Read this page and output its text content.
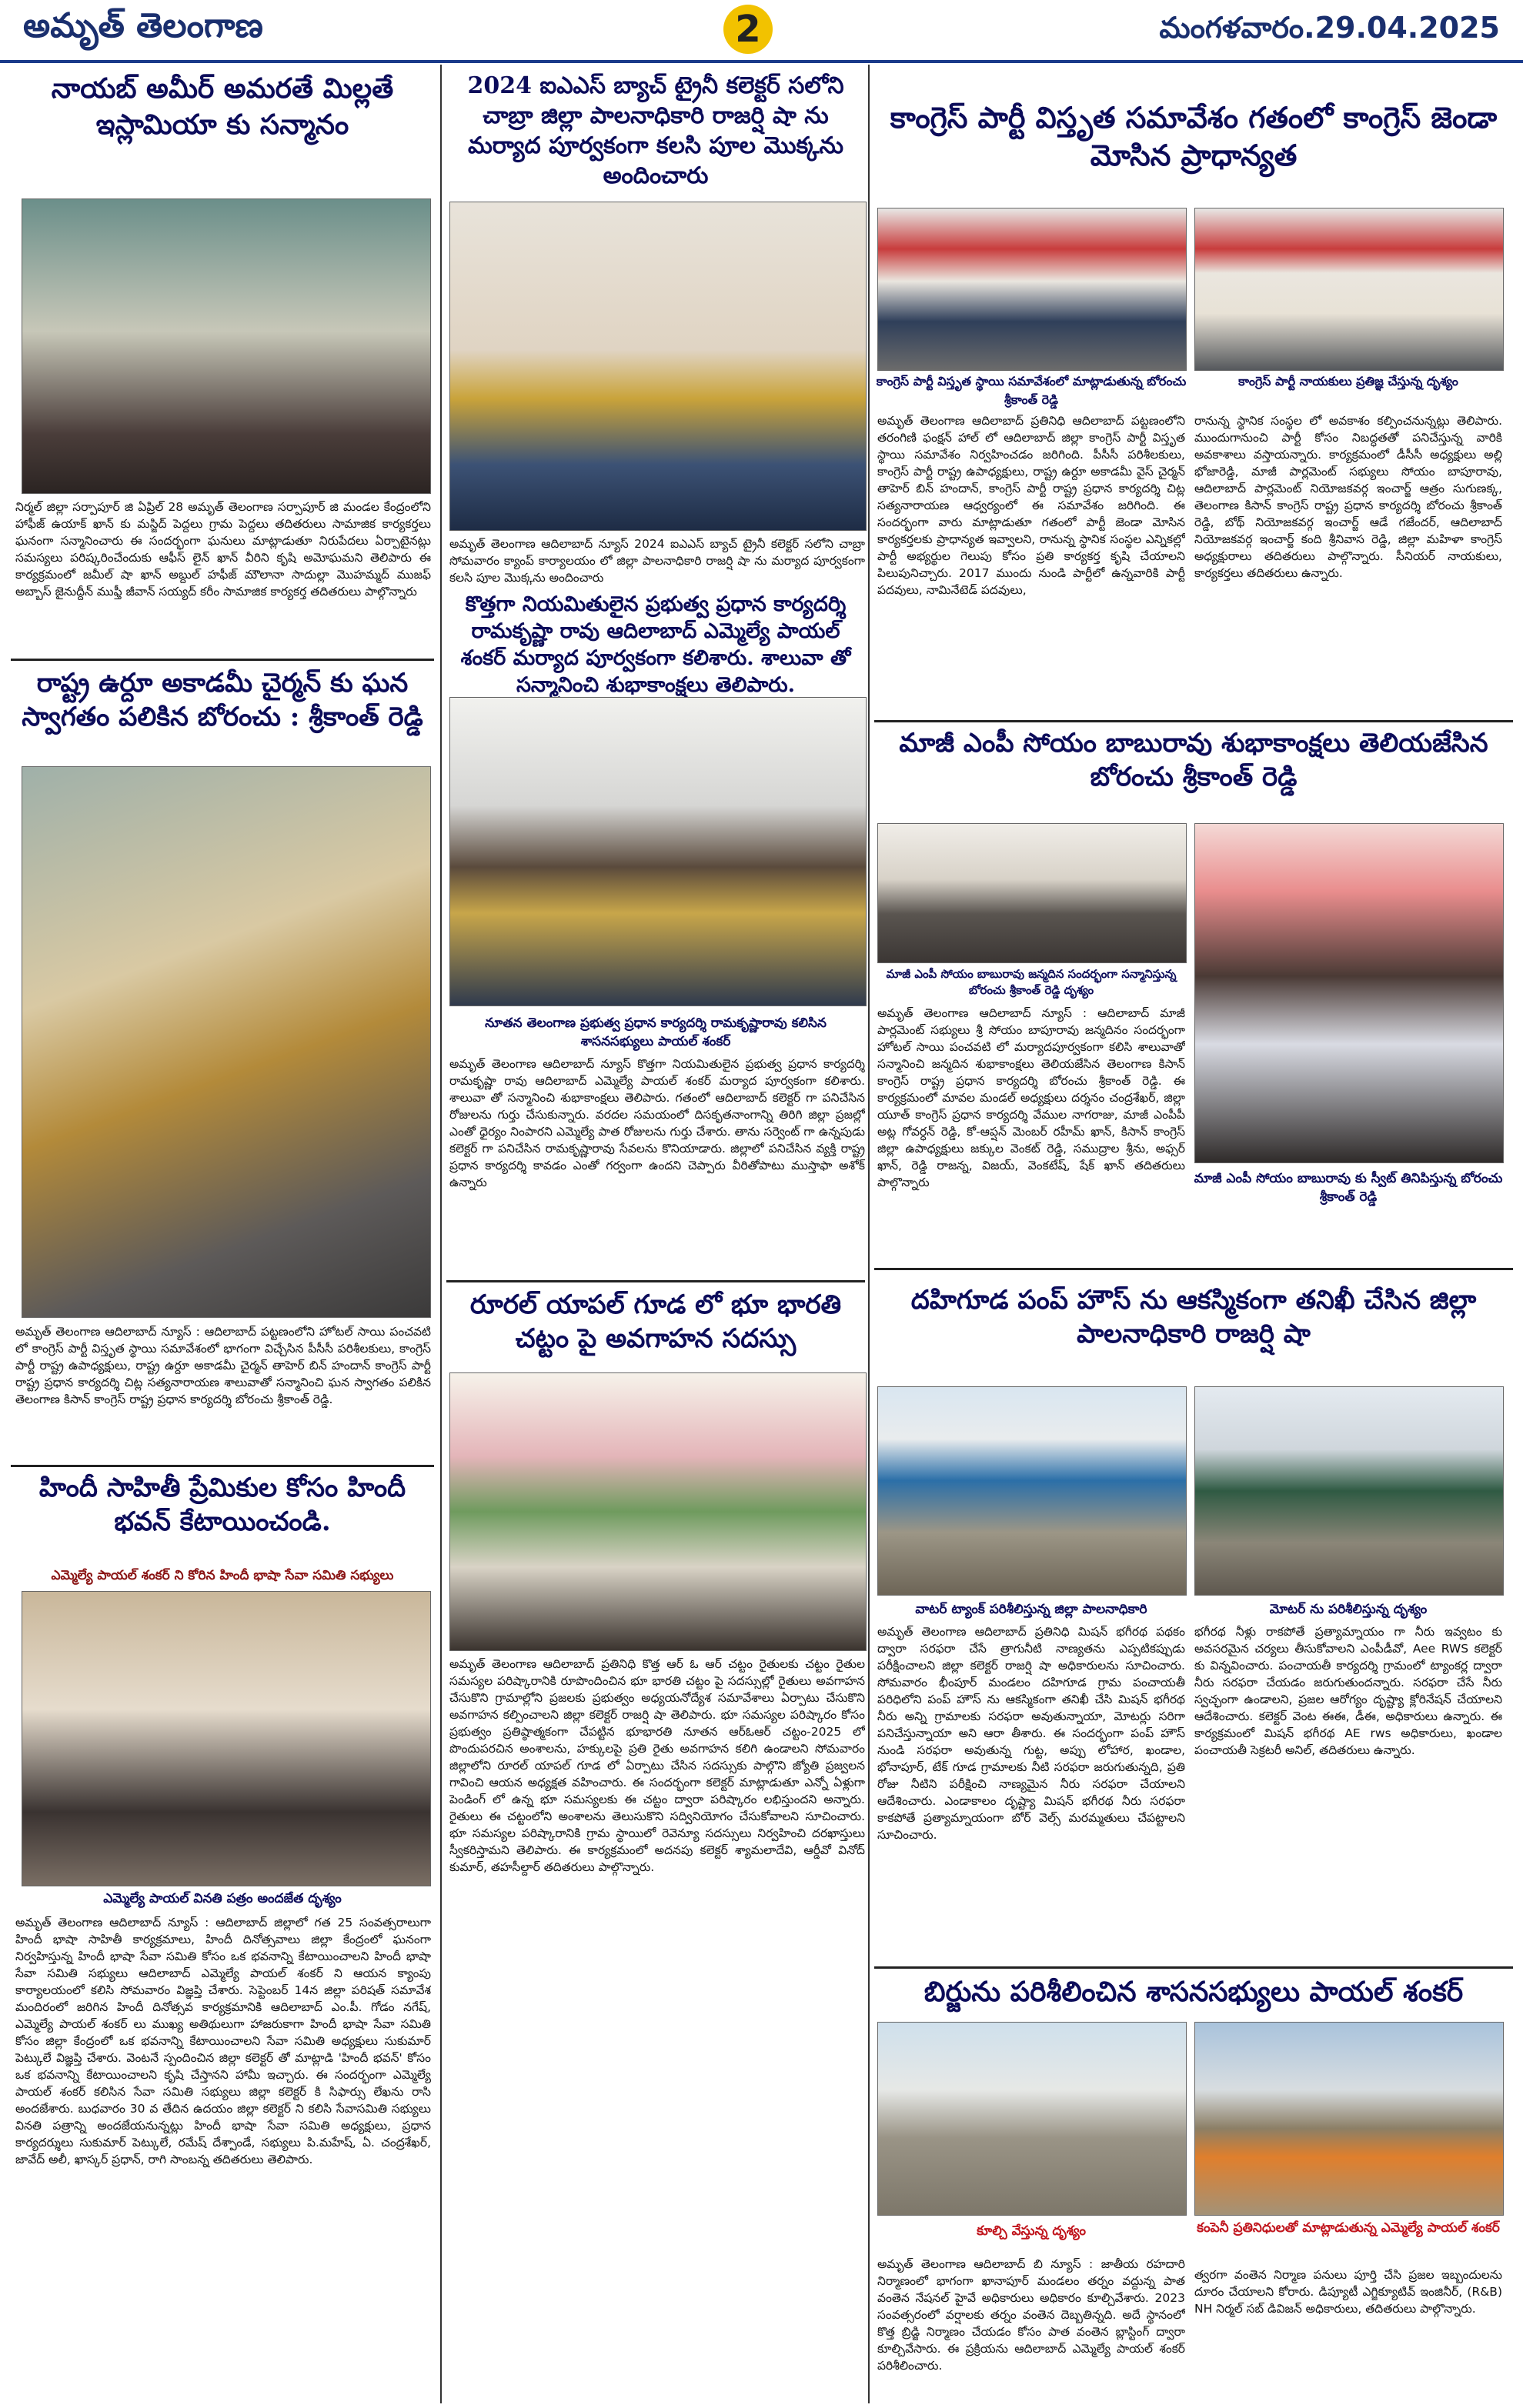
అమృత్ తెలంగాణ	2	మంగళవారం.29.04.2025
నాయబ్ అమీర్ అమరతే మిల్లతే ఇస్లామియా కు సన్మానం
నిర్మల్ జిల్లా సర్పాపూర్ జి ఏప్రిల్ 28 అమృత్ తెలంగాణ సర్పాపూర్ జి మండల కేంద్రంలోని హాఫీజ్ ఉయాక్ ఖాన్ కు మస్జిద్ పెద్దలు గ్రామ పెద్దలు తదితరులు సామాజిక కార్యకర్తలు ఘనంగా సన్మానించారు ఈ సందర్భంగా ఘనులు మాట్లాడుతూ నిరుపేదలు ఏర్పాటైనట్లు సమస్యలు పరిష్కరించేందుకు ఆఫీస్ లైన్ ఖాన్ వీరిని కృషి అమోఘమని తెలిపారు ఈ కార్యక్రమంలో జమీల్ షా ఖాన్ అబ్దుల్ హఫీజ్ మౌలానా సాదుల్లా మొహమ్మద్ ముజఫ్ అబ్బాస్ జైనుద్దీన్ ముఫ్తీ జీవాన్ సయ్యద్ కరీం సామాజిక కార్యకర్త తదితరులు పాల్గొన్నారు
రాష్ట్ర ఉర్దూ అకాడమీ చైర్మన్ కు ఘన స్వాగతం పలికిన బోరంచు : శ్రీకాంత్ రెడ్డి
అమృత్ తెలంగాణ ఆదిలాబాద్ న్యూస్ : ఆదిలాబాద్ పట్టణంలోని హోటల్ సాయి పంచవటి లో కాంగ్రెస్ పార్టీ విస్తృత స్థాయి సమావేశంలో భాగంగా విచ్చేసిన పీసీసీ పరిశీలకులు, కాంగ్రెస్ పార్టీ రాష్ట్ర ఉపాధ్యక్షులు, రాష్ట్ర ఉర్దూ అకాడమీ చైర్మన్ తాహెర్ బిన్ హందాన్ కాంగ్రెస్ పార్టీ రాష్ట్ర ప్రధాన కార్యదర్శి చిట్ల సత్యనారాయణ శాలువాతో సన్మానించి ఘన స్వాగతం పలికిన తెలంగాణ కిసాన్ కాంగ్రెస్ రాష్ట్ర ప్రధాన కార్యదర్శి బోరంచు శ్రీకాంత్ రెడ్డి.
హిందీ సాహితీ ప్రేమికుల కోసం హిందీ భవన్ కేటాయించండి.
ఎమ్మెల్యే పాయల్ శంకర్ ని కోరిన హిందీ భాషా సేవా సమితి సభ్యులు
ఎమ్మెల్యే పాయల్ వినతి పత్రం అందజేత దృశ్యం
అమృత్ తెలంగాణ ఆదిలాబాద్ న్యూస్ : ఆదిలాబాద్ జిల్లాలో గత 25 సంవత్సరాలుగా హిందీ భాషా సాహితీ కార్యక్రమాలు, హిందీ దినోత్సవాలు జిల్లా కేంద్రంలో ఘనంగా నిర్వహిస్తున్న హిందీ భాషా సేవా సమితి కోసం ఒక భవనాన్ని కేటాయించాలని హిందీ భాషా సేవా సమితి సభ్యులు ఆదిలాబాద్ ఎమ్మెల్యే పాయల్ శంకర్ ని ఆయన క్యాంపు కార్యాలయంలో కలిసి సోమవారం విజ్ఞప్తి చేశారు. సెప్టెంబర్ 14న జిల్లా పరిషత్ సమావేశ మందిరంలో జరిగిన హిందీ దినోత్సవ కార్యక్రమానికి ఆదిలాబాద్ ఎం.పీ. గోడం నగేష్, ఎమ్మెల్యే పాయల్ శంకర్ లు ముఖ్య అతిథులుగా హాజరుకాగా హిందీ భాషా సేవా సమితి కోసం జిల్లా కేంద్రంలో ఒక భవనాన్ని కేటాయించాలని సేవా సమితి అధ్యక్షులు సుకుమార్ పెట్కులే విజ్ఞప్తి చేశారు. వెంటనే స్పందించిన జిల్లా కలెక్టర్ తో మాట్లాడి 'హిందీ భవన్' కోసం ఒక భవనాన్ని కేటాయించాలని కృషి చేస్తానని హామీ ఇచ్చారు. ఈ సందర్భంగా ఎమ్మెల్యే పాయల్ శంకర్ కలిసిన సేవా సమితి సభ్యులు జిల్లా కలెక్టర్ కి సిఫార్సు లేఖను రాసి అందజేశారు. బుధవారం 30 వ తేదిన ఉదయం జిల్లా కలెక్టర్ ని కలిసి సేవాసమితి సభ్యులు వినతి పత్రాన్ని అందజేయనున్నట్లు హిందీ భాషా సేవా సమితి అధ్యక్షులు, ప్రధాన కార్యదర్శులు సుకుమార్ పెట్కులే, రమేష్ దేశ్పాండే, సభ్యులు పి.మహేష్, ఏ. చంద్రశేఖర్, జావేద్ అలీ, ఖాస్కర్ ప్రధాన్, రాగి సాంబన్న తదితరులు తెలిపారు.
2024 ఐఎఎస్ బ్యాచ్ ట్రైనీ కలెక్టర్ సలోని చాబ్రా జిల్లా పాలనాధికారి రాజర్షి షా ను మర్యాద పూర్వకంగా కలసి పూల మొక్కను అందించారు
అమృత్ తెలంగాణ ఆదిలాబాద్ న్యూస్ 2024 ఐఎఎస్ బ్యాచ్ ట్రైనీ కలెక్టర్ సలోని చాబ్రా సోమవారం క్యాంప్ కార్యాలయం లో జిల్లా పాలనాధికారి రాజర్షి షా ను మర్యాద పూర్వకంగా కలసి పూల మొక్కను అందించారు
కొత్తగా నియమితులైన ప్రభుత్వ ప్రధాన కార్యదర్శి రామకృష్ణా రావు ఆదిలాబాద్ ఎమ్మెల్యే పాయల్ శంకర్ మర్యాద పూర్వకంగా కలిశారు. శాలువా తో సన్మానించి శుభాకాంక్షలు తెలిపారు.
నూతన తెలంగాణ ప్రభుత్వ ప్రధాన కార్యదర్శి రామకృష్ణారావు కలిసిన శాసనసభ్యులు పాయల్ శంకర్
అమృత్ తెలంగాణ ఆదిలాబాద్ న్యూస్ కొత్తగా నియమితులైన ప్రభుత్వ ప్రధాన కార్యదర్శి రామకృష్ణా రావు ఆదిలాబాద్ ఎమ్మెల్యే పాయల్ శంకర్ మర్యాద పూర్వకంగా కలిశారు. శాలువా తో సన్మానించి శుభాకాంక్షలు తెలిపారు. గతంలో ఆదిలాబాద్ కలెక్టర్ గా పనిచేసిన రోజులను గుర్తు చేసుకున్నారు. వరదల సమయంలో దిసకృతనాంగాన్ని తిరిగి జిల్లా ప్రజల్లో ఎంతో ధైర్యం నింపారని ఎమ్మెల్యే పాత రోజులను గుర్తు చేశారు. తాను సర్వెంట్ గా ఉన్నపుడు కలెక్టర్ గా పనిచేసిన రామకృష్ణారావు సేవలను కొనియాడారు. జిల్లాలో పనిచేసిన వ్యక్తి రాష్ట్ర ప్రధాన కార్యదర్శి కావడం ఎంతో గర్వంగా ఉందని చెప్పారు వీరితోపాటు ముస్తాఫా అశోక్ ఉన్నారు
రూరల్ యాపల్ గూడ లో భూ భారతి చట్టం పై అవగాహన సదస్సు
అమృత్ తెలంగాణ ఆదిలాబాద్ ప్రతినిధి కొత్త ఆర్ ఓ ఆర్ చట్టం రైతులకు చట్టం రైతుల సమస్యల పరిష్కారానికి రూపొందించిన భూ భారతి చట్టం పై సదస్సుల్లో రైతులు అవగాహన చేసుకొని గ్రామాల్లోని ప్రజలకు ప్రభుత్వం అధ్యయనోద్యేశ సమావేశాలు ఏర్పాటు చేసుకొని అవగాహన కల్పించాలని జిల్లా కలెక్టర్ రాజర్షి షా తెలిపారు. భూ సమస్యల పరిష్కారం కోసం ప్రభుత్వం ప్రతిష్ఠాత్మకంగా చేపట్టిన భూభారతి నూతన ఆర్ఓఆర్ చట్టం-2025 లో పొందుపరచిన అంశాలను, హక్కులపై ప్రతి రైతు అవగాహన కలిగి ఉండాలని సోమవారం జిల్లాలోని రూరల్ యాపల్ గూడ లో ఏర్పాటు చేసిన సదస్సుకు పాల్గొని జ్యోతి ప్రజ్వలన గావించి ఆయన అధ్యక్షత వహించారు. ఈ సందర్భంగా కలెక్టర్ మాట్లాడుతూ ఎన్నో ఏళ్లుగా పెండింగ్ లో ఉన్న భూ సమస్యలకు ఈ చట్టం ద్వారా పరిష్కారం లభిస్తుందని అన్నారు. రైతులు ఈ చట్టంలోని అంశాలను తెలుసుకొని సద్వినియోగం చేసుకోవాలని సూచించారు. భూ సమస్యల పరిష్కారానికి గ్రామ స్థాయిలో రెవెన్యూ సదస్సులు నిర్వహించి దరఖాస్తులు స్వీకరిస్తామని తెలిపారు. ఈ కార్యక్రమంలో అదనపు కలెక్టర్ శ్యామలాదేవి, ఆర్డీవో వినోద్ కుమార్, తహసీల్దార్ తదితరులు పాల్గొన్నారు.
కాంగ్రెస్ పార్టీ విస్తృత సమావేశం గతంలో కాంగ్రెస్ జెండా మోసిన ప్రాధాన్యత
కాంగ్రెస్ పార్టీ విస్తృత స్థాయి సమావేశంలో మాట్లాడుతున్న బోరంచు శ్రీకాంత్ రెడ్డి
కాంగ్రెస్ పార్టీ నాయకులు ప్రతిజ్ఞ చేస్తున్న దృశ్యం
అమృత్ తెలంగాణ ఆదిలాబాద్ ప్రతినిధి ఆదిలాబాద్ పట్టణంలోని తరంగిణి ఫంక్షన్ హాల్ లో ఆదిలాబాద్ జిల్లా కాంగ్రెస్ పార్టీ విస్తృత స్థాయి సమావేశం నిర్వహించడం జరిగింది. పీసీసీ పరిశీలకులు, కాంగ్రెస్ పార్టీ రాష్ట్ర ఉపాధ్యక్షులు, రాష్ట్ర ఉర్దూ అకాడమీ వైస్ చైర్మన్ తాహెర్ బిన్ హందాన్, కాంగ్రెస్ పార్టీ రాష్ట్ర ప్రధాన కార్యదర్శి చిట్ల సత్యనారాయణ ఆధ్వర్యంలో ఈ సమావేశం జరిగింది. ఈ సందర్భంగా వారు మాట్లాడుతూ గతంలో పార్టీ జెండా మోసిన కార్యకర్తలకు ప్రాధాన్యత ఇవ్వాలని, రానున్న స్థానిక సంస్థల ఎన్నికల్లో పార్టీ అభ్యర్థుల గెలుపు కోసం ప్రతి కార్యకర్త కృషి చేయాలని పిలుపునిచ్చారు. 2017 ముందు నుండి పార్టీలో ఉన్నవారికి పార్టీ పదవులు, నామినేటెడ్ పదవులు,
రానున్న స్థానిక సంస్థల లో అవకాశం కల్పించనున్నట్లు తెలిపారు. ముందుగానుంచి పార్టీ కోసం నిబద్ధతతో పనిచేస్తున్న వారికి అవకాశాలు వస్తాయన్నారు. కార్యక్రమంలో డీసీసీ అధ్యక్షులు అల్లి భోజారెడ్డి, మాజీ పార్లమెంట్ సభ్యులు సోయం బాపూరావు, ఆదిలాబాద్ పార్లమెంట్ నియోజకవర్గ ఇంచార్జ్ ఆత్రం సుగుణక్క, తెలంగాణ కిసాన్ కాంగ్రెస్ రాష్ట్ర ప్రధాన కార్యదర్శి బోరంచు శ్రీకాంత్ రెడ్డి, బోథ్ నియోజకవర్గ ఇంచార్జ్ ఆడే గజేందర్, ఆదిలాబాద్ నియోజకవర్గ ఇంచార్జ్ కంది శ్రీనివాస రెడ్డి, జిల్లా మహిళా కాంగ్రెస్ అధ్యక్షురాలు తదితరులు పాల్గొన్నారు. సీనియర్ నాయకులు, కార్యకర్తలు తదితరులు ఉన్నారు.
మాజీ ఎంపీ సోయం బాబురావు శుభాకాంక్షలు తెలియజేసిన బోరంచు శ్రీకాంత్ రెడ్డి
మాజీ ఎంపీ సోయం బాబురావు జన్మదిన సందర్భంగా సన్మానిస్తున్న బోరంచు శ్రీకాంత్ రెడ్డి దృశ్యం
అమృత్ తెలంగాణ ఆదిలాబాద్ న్యూస్ : ఆదిలాబాద్ మాజీ పార్లమెంట్ సభ్యులు శ్రీ సోయం బాపూరావు జన్మదినం సందర్భంగా హోటల్ సాయి పంచవటి లో మర్యాదపూర్వకంగా కలిసి శాలువాతో సన్మానించి జన్మదిన శుభాకాంక్షలు తెలియజేసిన తెలంగాణ కిసాన్ కాంగ్రెస్ రాష్ట్ర ప్రధాన కార్యదర్శి బోరంచు శ్రీకాంత్ రెడ్డి. ఈ కార్యక్రమంలో మావల మండల్ అధ్యక్షులు దర్శనం చంద్రశేఖర్, జిల్లా యూత్ కాంగ్రెస్ ప్రధాన కార్యదర్శి వేముల నాగరాజు, మాజీ ఎంపీపీ అట్ల గోవర్ధన్ రెడ్డి, కో-ఆప్షన్ మెంబర్ రహీమ్ ఖాన్, కిసాన్ కాంగ్రెస్ జిల్లా ఉపాధ్యక్షులు జక్కుల వెంకట్ రెడ్డి, సముద్రాల శ్రీను, అఫ్సర్ ఖాన్, రెడ్డి రాజన్న, విజయ్, వెంకటేష్, షేక్ ఖాన్ తదితరులు పాల్గొన్నారు	మాజీ ఎంపీ సోయం బాబురావు కు స్వీట్ తినిపిస్తున్న బోరంచు శ్రీకాంత్ రెడ్డి
దహిగూడ పంప్ హౌస్ ను ఆకస్మికంగా తనిఖీ చేసిన జిల్లా పాలనాధికారి రాజర్షి షా
వాటర్ ట్యాంక్ పరిశీలిస్తున్న జిల్లా పాలనాధికారి	మోటర్ ను పరిశీలిస్తున్న దృశ్యం
అమృత్ తెలంగాణ ఆదిలాబాద్ ప్రతినిధి మిషన్ భగీరథ పథకం ద్వారా సరఫరా చేసే త్రాగునీటి నాణ్యతను ఎప్పటికప్పుడు పరీక్షించాలని జిల్లా కలెక్టర్ రాజర్షి షా అధికారులను సూచించారు. సోమవారం భీంపూర్ మండలం దహిగూడ గ్రామ పంచాయతీ పరిధిలోని పంప్ హౌస్ ను ఆకస్మికంగా తనిఖీ చేసి మిషన్ భగీరథ నీరు అన్ని గ్రామాలకు సరఫరా అవుతున్నాయా, మోటర్లు సరిగా పనిచేస్తున్నాయా అని ఆరా తీశారు. ఈ సందర్భంగా పంప్ హౌస్ నుండి సరఫరా అవుతున్న గుట్ట, అప్పు లోహార, ఖండాల, భోనాపూర్, టేక్ గూడ గ్రామాలకు నీటి సరఫరా జరుగుతున్నది, ప్రతి రోజు నీటిని పరీక్షించి నాణ్యమైన నీరు సరఫరా చేయాలని ఆదేశించారు. ఎండాకాలం దృష్ట్యా మిషన్ భగీరథ నీరు సరఫరా కాకపోతే ప్రత్యామ్నాయంగా బోర్ వెల్స్ మరమ్మతులు చేపట్టాలని సూచించారు.
భగీరథ నీళ్లు రాకపోతే ప్రత్యామ్నాయం గా నీరు ఇవ్వటం కు అవసరమైన చర్యలు తీసుకోవాలని ఎంపీడీవో, Aee RWS కలెక్టర్ కు విన్నవించారు. పంచాయతీ కార్యదర్శి గ్రామంలో ట్యాంకర్ల ద్వారా నీరు సరఫరా చేయడం జరుగుతుందన్నారు. సరఫరా చేసే నీరు స్వచ్ఛంగా ఉండాలని, ప్రజల ఆరోగ్యం దృష్ట్యా క్లోరినేషన్ చేయాలని ఆదేశించారు. కలెక్టర్ వెంట ఈఈ, డీఈ, అధికారులు ఉన్నారు. ఈ కార్యక్రమంలో మిషన్ భగీరథ AE rws అధికారులు, ఖండాల పంచాయతీ సెక్రటరీ అనిల్, తదితరులు ఉన్నారు.
బిర్జును పరిశీలించిన శాసనసభ్యులు పాయల్ శంకర్
కూల్చి వేస్తున్న దృశ్యం	కంపెనీ ప్రతినిధులతో మాట్లాడుతున్న ఎమ్మెల్యే పాయల్ శంకర్
అమృత్ తెలంగాణ ఆదిలాబాద్ బి న్యూస్ : జాతీయ రహదారి నిర్మాణంలో భాగంగా ఖానాపూర్ మండలం తర్నం వద్దున్న పాత వంతెన నేషనల్ హైవే అధికారులు అధికారం కూల్చివేశారు. 2023 సంవత్సరంలో వర్షాలకు తర్నం వంతెన దెబ్బతిన్నది. అదే స్థానంలో కొత్త బ్రిడ్జి నిర్మాణం చేయడం కోసం పాత వంతెన బ్లాస్టింగ్ ద్వారా కూల్చివేసారు. ఈ ప్రక్రియను ఆదిలాబాద్ ఎమ్మెల్యే పాయల్ శంకర్ పరిశీలించారు.
త్వరగా వంతెన నిర్మాణ పనులు పూర్తి చేసి ప్రజల ఇబ్బందులను దూరం చేయాలని కోరారు. డిప్యూటీ ఎగ్జిక్యూటివ్ ఇంజినీర్, (R&B) NH నిర్మల్ సబ్ డివిజన్ అధికారులు, తదితరులు పాల్గొన్నారు.
